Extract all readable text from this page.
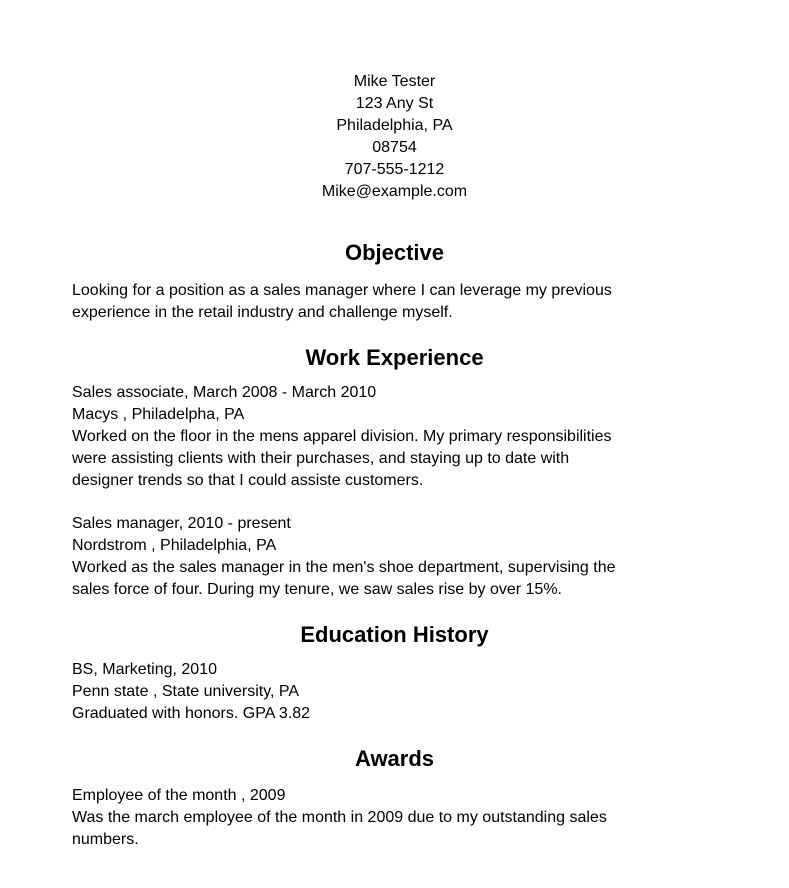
Mike Tester
123 Any St
Philadelphia, PA
08754
707-555-1212
Mike@example.com
Objective
Looking for a position as a sales manager where I can leverage my previous
experience in the retail industry and challenge myself.
Work Experience
Sales associate, March 2008 - March 2010
Macys , Philadelpha, PA
Worked on the floor in the mens apparel division. My primary responsibilities
were assisting clients with their purchases, and staying up to date with
designer trends so that I could assiste customers.
Sales manager, 2010 - present
Nordstrom , Philadelphia, PA
Worked as the sales manager in the men's shoe department, supervising the
sales force of four. During my tenure, we saw sales rise by over 15%.
Education History
BS, Marketing, 2010
Penn state , State university, PA
Graduated with honors. GPA 3.82
Awards
Employee of the month , 2009
Was the march employee of the month in 2009 due to my outstanding sales
numbers.
